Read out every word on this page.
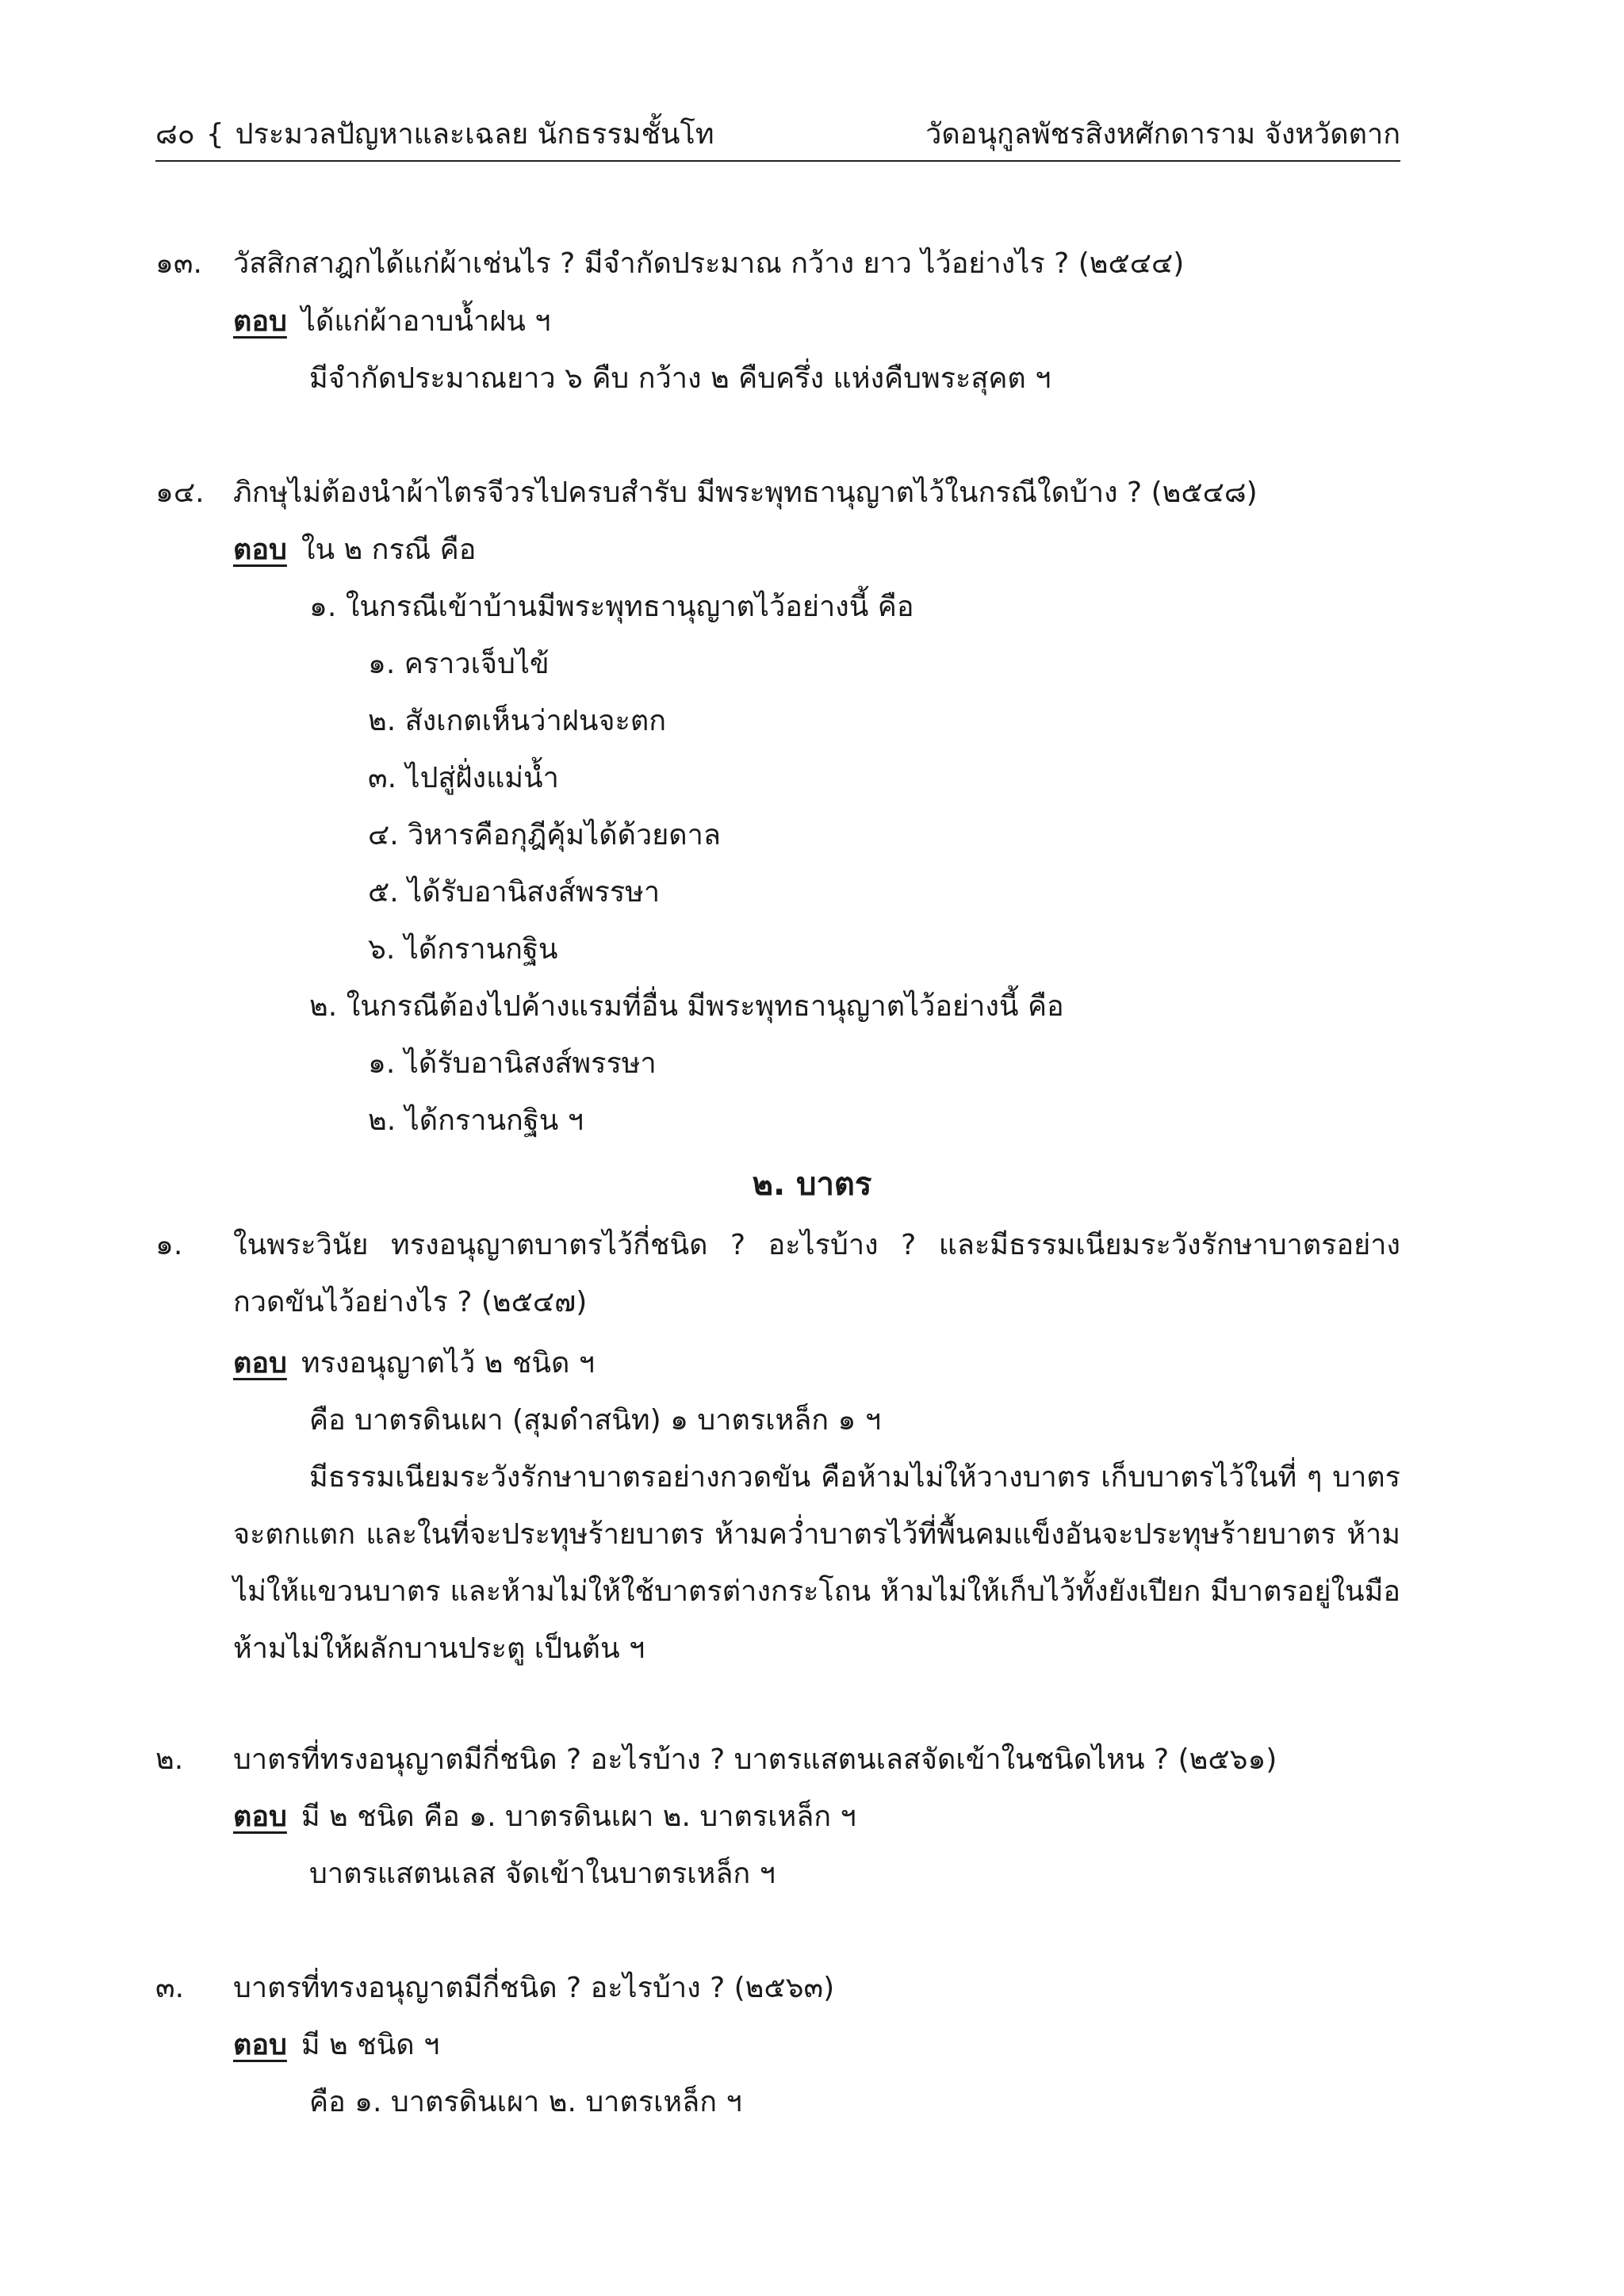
๘๐ { ประมวลปัญหาและเฉลย นักธรรมชั้นโท	วัดอนุกูลพัชรสิงหศักดาราม จังหวัดตาก
๑๓. วัสสิกสาฎกได้แก่ผ้าเช่นไร ? มีจำกัดประมาณ กว้าง ยาว ไว้อย่างไร ? (๒๕๔๔)
ตอบ ได้แก่ผ้าอาบน้ำฝน ฯ
มีจำกัดประมาณยาว ๖ คืบ กว้าง ๒ คืบครึ่ง แห่งคืบพระสุคต ฯ
๑๔. ภิกษุไม่ต้องนำผ้าไตรจีวรไปครบสำรับ มีพระพุทธานุญาตไว้ในกรณีใดบ้าง ? (๒๕๔๘)
ตอบ ใน ๒ กรณี คือ
๑. ในกรณีเข้าบ้านมีพระพุทธานุญาตไว้อย่างนี้ คือ
๑. คราวเจ็บไข้
๒. สังเกตเห็นว่าฝนจะตก
๓. ไปสู่ฝั่งแม่น้ำ
๔. วิหารคือกุฎีคุ้มได้ด้วยดาล
๕. ได้รับอานิสงส์พรรษา
๖. ได้กรานกฐิน
๒. ในกรณีต้องไปค้างแรมที่อื่น มีพระพุทธานุญาตไว้อย่างนี้ คือ
๑. ได้รับอานิสงส์พรรษา
๒. ได้กรานกฐิน ฯ
๒. บาตร
๑. ในพระวินัย ทรงอนุญาตบาตรไว้กี่ชนิด ? อะไรบ้าง ? และมีธรรมเนียมระวังรักษาบาตรอย่างกวดขันไว้อย่างไร ? (๒๕๔๗)
ตอบ ทรงอนุญาตไว้ ๒ ชนิด ฯ
คือ บาตรดินเผา (สุมดำสนิท) ๑ บาตรเหล็ก ๑ ฯ
มีธรรมเนียมระวังรักษาบาตรอย่างกวดขัน คือห้ามไม่ให้วางบาตร เก็บบาตรไว้ในที่ ๆ บาตรจะตกแตก และในที่จะประทุษร้ายบาตร ห้ามคว่ำบาตรไว้ที่พื้นคมแข็งอันจะประทุษร้ายบาตร ห้ามไม่ให้แขวนบาตร และห้ามไม่ให้ใช้บาตรต่างกระโถน ห้ามไม่ให้เก็บไว้ทั้งยังเปียก มีบาตรอยู่ในมือห้ามไม่ให้ผลักบานประตู เป็นต้น ฯ
๒. บาตรที่ทรงอนุญาตมีกี่ชนิด ? อะไรบ้าง ? บาตรแสตนเลสจัดเข้าในชนิดไหน ? (๒๕๖๑)
ตอบ มี ๒ ชนิด คือ ๑. บาตรดินเผา ๒. บาตรเหล็ก ฯ
บาตรแสตนเลส จัดเข้าในบาตรเหล็ก ฯ
๓. บาตรที่ทรงอนุญาตมีกี่ชนิด ? อะไรบ้าง ? (๒๕๖๓)
ตอบ มี ๒ ชนิด ฯ
คือ ๑. บาตรดินเผา ๒. บาตรเหล็ก ฯ
